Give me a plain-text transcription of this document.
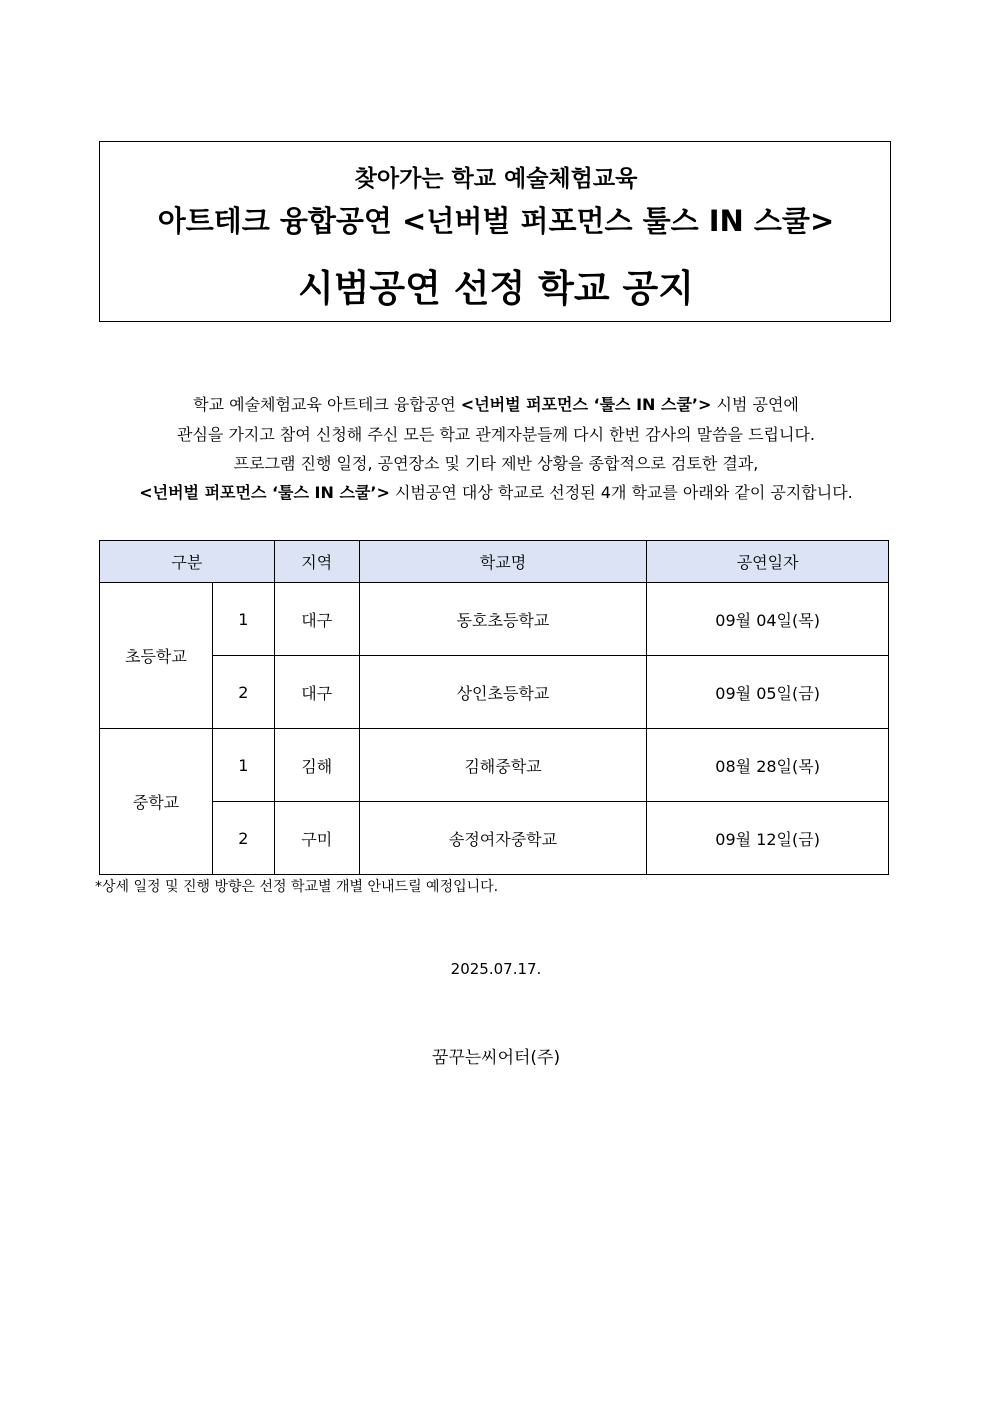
찾아가는 학교 예술체험교육
아트테크 융합공연 <넌버벌 퍼포먼스 툴스 IN 스쿨>
시범공연 선정 학교 공지
학교 예술체험교육 아트테크 융합공연 <넌버벌 퍼포먼스 ‘툴스 IN 스쿨’> 시범 공연에
관심을 가지고 참여 신청해 주신 모든 학교 관계자분들께 다시 한번 감사의 말씀을 드립니다.
프로그램 진행 일정, 공연장소 및 기타 제반 상황을 종합적으로 검토한 결과,
<넌버벌 퍼포먼스 ‘툴스 IN 스쿨’> 시범공연 대상 학교로 선정된 4개 학교를 아래와 같이 공지합니다.
구분		지역	학교명	공연일자
초등학교	1	대구	동호초등학교	09월 04일(목)
	2	대구	상인초등학교	09월 05일(금)
중학교	1	김해	김해중학교	08월 28일(목)
	2	구미	송정여자중학교	09월 12일(금)
*상세 일정 및 진행 방향은 선정 학교별 개별 안내드릴 예정입니다.
2025.07.17.
꿈꾸는씨어터(주)
